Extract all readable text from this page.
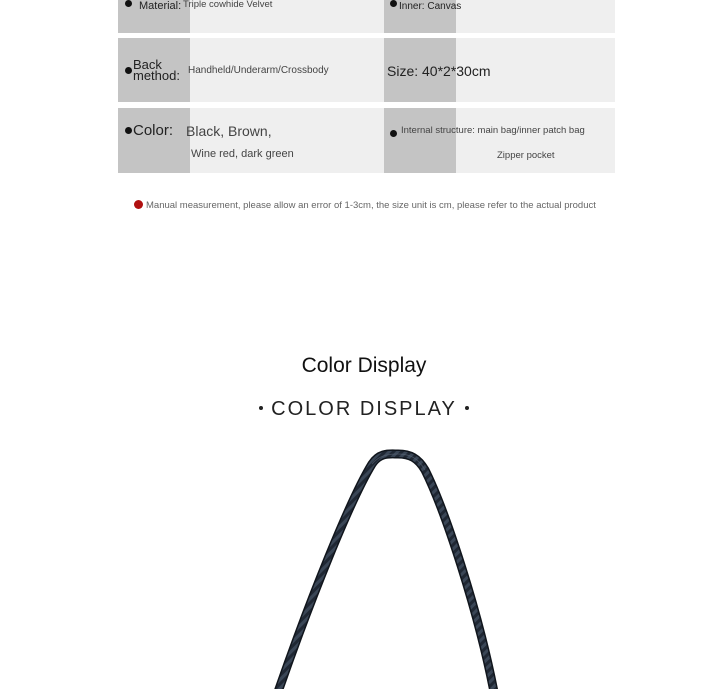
Material: Triple cowhide Velvet	Inner: Canvas
Back
method: Handheld/Underarm/Crossbody	Size: 40*2*30cm
Color: Black, Brown,
Wine red, dark green
Internal structure: main bag/inner patch bag
Zipper pocket
Manual measurement, please allow an error of 1-3cm, the size unit is cm, please refer to the actual product
Color Display
COLOR DISPLAY
